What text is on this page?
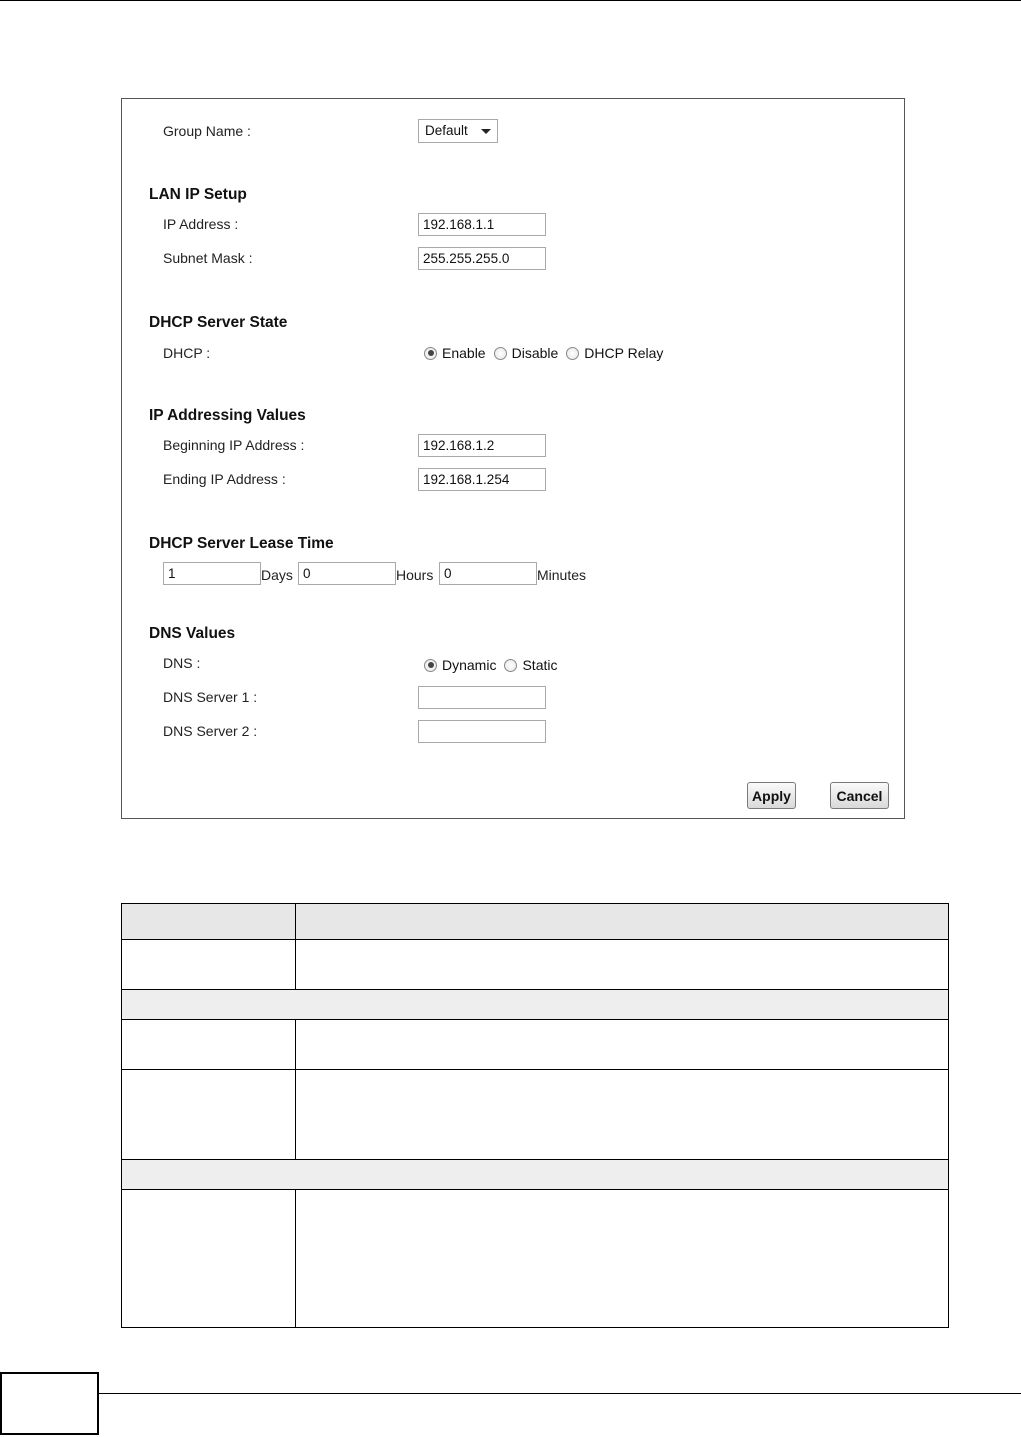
Group Name :	Default
LAN IP Setup
IP Address :
192.168.1.1
Subnet Mask :
255.255.255.0
DHCP Server State
DHCP :	Enable Disable DHCP Relay
IP Addressing Values
Beginning IP Address :
192.168.1.2
Ending IP Address :
192.168.1.254
DHCP Server Lease Time
1
Days
0	Hours
0	Minutes
DNS Values
DNS :	Dynamic Static
DNS Server 1 :
DNS Server 2 :
Apply	Cancel
